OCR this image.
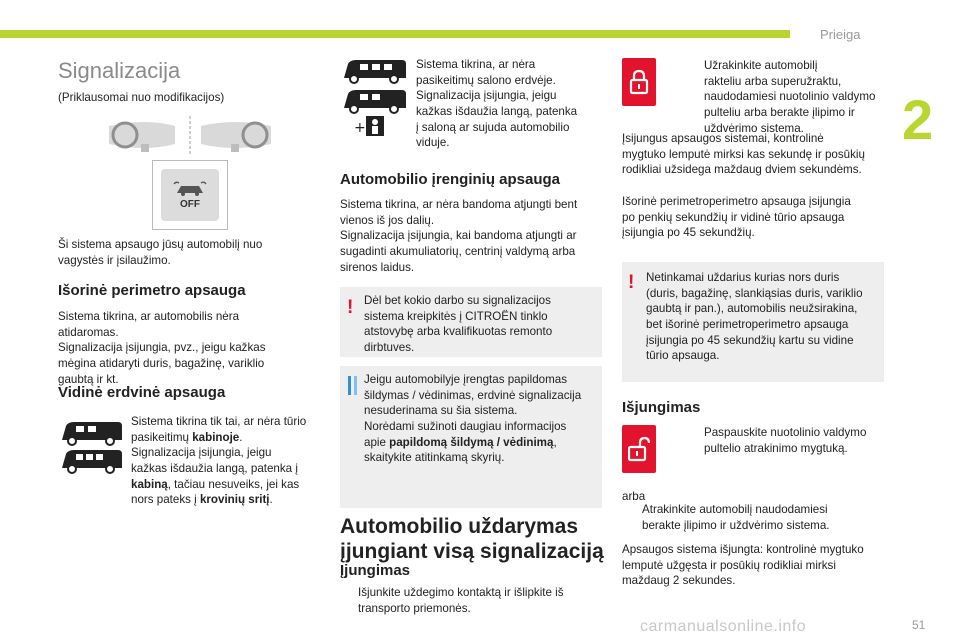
Prieiga
2
carmanualsonline.info	51
Signalizacija
(Priklausomai nuo modifikacijos)
OFF
Ši sistema apsaugo jūsų automobilį nuo
vagystės ir įsilaužimo.
Išorinė perimetro apsauga
Sistema tikrina, ar automobilis nėra
atidaromas.
Signalizacija įsijungia, pvz., jeigu kažkas
mėgina atidaryti duris, bagažinę, variklio
gaubtą ir kt.
Vidinė erdvinė apsauga
Sistema tikrina tik tai, ar nėra tūrio
pasikeitimų kabinoje.
Signalizacija įsijungia, jeigu
kažkas išdaužia langą, patenka į
kabiną, tačiau nesuveiks, jei kas
nors pateks į krovinių sritį.
+
Sistema tikrina, ar nėra
pasikeitimų salono erdvėje.
Signalizacija įsijungia, jeigu
kažkas išdaužia langą, patenka
į saloną ar sujuda automobilio
viduje.
Automobilio įrenginių apsauga
Sistema tikrina, ar nėra bandoma atjungti bent
vienos iš jos dalių.
Signalizacija įsijungia, kai bandoma atjungti ar
sugadinti akumuliatorių, centrinį valdymą arba
sirenos laidus.
! Dėl bet kokio darbo su signalizacijos
sistema kreipkitės į CITROËN tinklo
atstovybę arba kvalifikuotas remonto
dirbtuves.
Jeigu automobilyje įrengtas papildomas
šildymas / vėdinimas, erdvinė signalizacija
nesuderinama su šia sistema.
Norėdami sužinoti daugiau informacijos
apie papildomą šildymą / vėdinimą,
skaitykite atitinkamą skyrių.
Automobilio uždarymas
įjungiant visą signalizaciją
Įjungimas
Išjunkite uždegimo kontaktą ir išlipkite iš
transporto priemonės.
Užrakinkite automobilį
rakteliu arba superužraktu,
naudodamiesi nuotolinio valdymo
pulteliu arba berakte įlipimo ir
uždvėrimo sistema.
Įsijungus apsaugos sistemai, kontrolinė
mygtuko lemputė mirksi kas sekundę ir posūkių
rodikliai užsidega maždaug dviem sekundėms.
Išorinė perimetroperimetro apsauga įsijungia
po penkių sekundžių ir vidinė tūrio apsauga
įsijungia po 45 sekundžių.
! Netinkamai uždarius kurias nors duris
(duris, bagažinę, slankiąsias duris, variklio
gaubtą ir pan.), automobilis neužsirakina,
bet išorinė perimetroperimetro apsauga
įsijungia po 45 sekundžių kartu su vidine
tūrio apsauga.
Išjungimas
Paspauskite nuotolinio valdymo
pultelio atrakinimo mygtuką.
arba
Atrakinkite automobilį naudodamiesi
berakte įlipimo ir uždvėrimo sistema.
Apsaugos sistema išjungta: kontrolinė mygtuko
lemputė užgęsta ir posūkių rodikliai mirksi
maždaug 2 sekundes.
